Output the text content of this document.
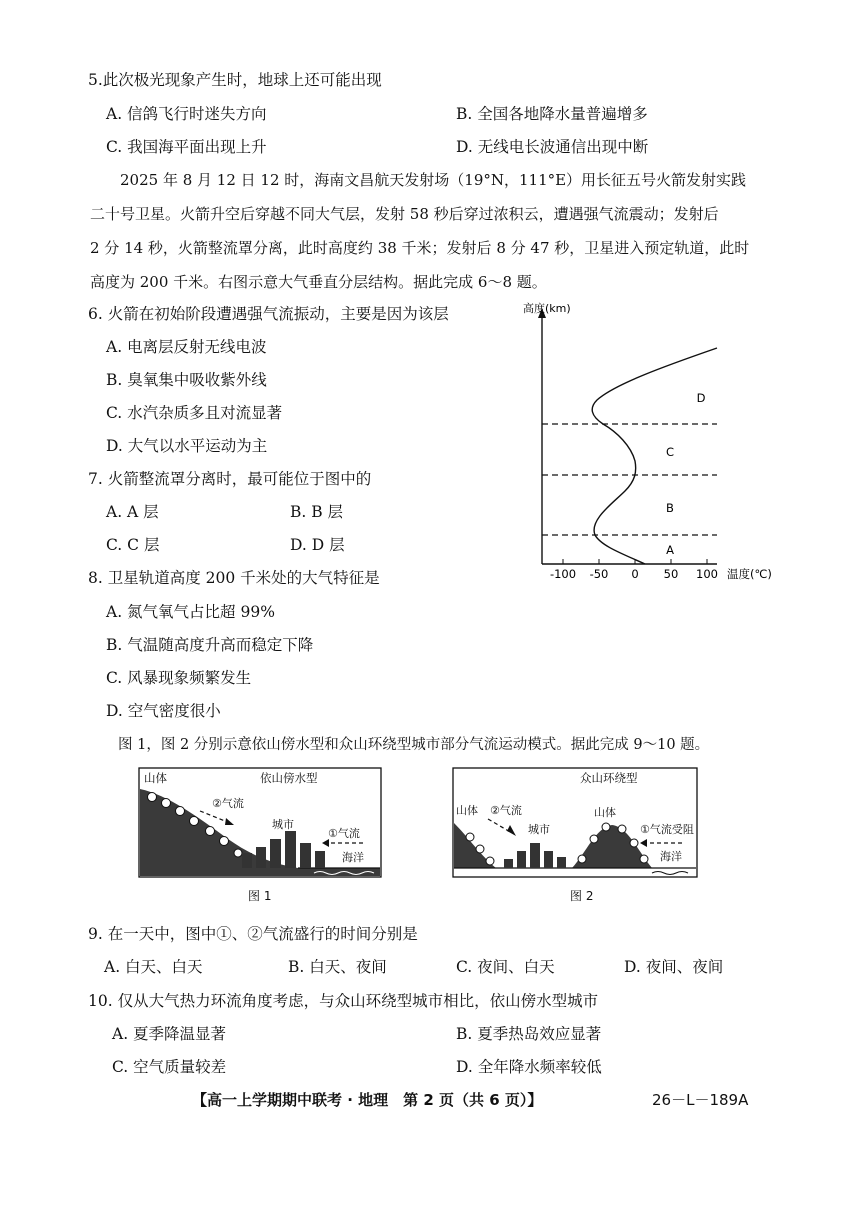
5.此次极光现象产生时，地球上还可能出现
A. 信鸽飞行时迷失方向	B. 全国各地降水量普遍增多
C. 我国海平面出现上升	D. 无线电长波通信出现中断

2025 年 8 月 12 日 12 时，海南文昌航天发射场（19°N，111°E）用长征五号火箭发射实践

二十号卫星。火箭升空后穿越不同大气层，发射 58 秒后穿过浓积云，遭遇强气流震动；发射后

2 分 14 秒，火箭整流罩分离，此时高度约 38 千米；发射后 8 分 47 秒，卫星进入预定轨道，此时

高度为 200 千米。右图示意大气垂直分层结构。据此完成 6～8 题。

6. 火箭在初始阶段遭遇强气流振动，主要是因为该层
A. 电离层反射无线电波
B. 臭氧集中吸收紫外线
C. 水汽杂质多且对流显著
D. 大气以水平运动为主
7. 火箭整流罩分离时，最可能位于图中的
A. A 层	B. B 层
C. C 层	D. D 层
8. 卫星轨道高度 200 千米处的大气特征是
A. 氮气氧气占比超 99%
B. 气温随高度升高而稳定下降
C. 风暴现象频繁发生
D. 空气密度很小
高度(km)
温度(℃)
-100 -50 0 50 100
A
B
C
D
图 1，图 2 分别示意依山傍水型和众山环绕型城市部分气流运动模式。据此完成 9～10 题。
山体	依山傍水型
②气流
城市
①气流
海洋
图 1
众山环绕型
山体 ②气流
城市
山体
①气流受阻
海洋
图 2
9. 在一天中，图中①、②气流盛行的时间分别是
A. 白天、白天	B. 白天、夜间	C. 夜间、白天	D. 夜间、夜间
10. 仅从大气热力环流角度考虑，与众山环绕型城市相比，依山傍水型城市
A. 夏季降温显著	B. 夏季热岛效应显著
C. 空气质量较差	D. 全年降水频率较低
【高一上学期期中联考 · 地理　第 2 页（共 6 页）】	26－L－189A
